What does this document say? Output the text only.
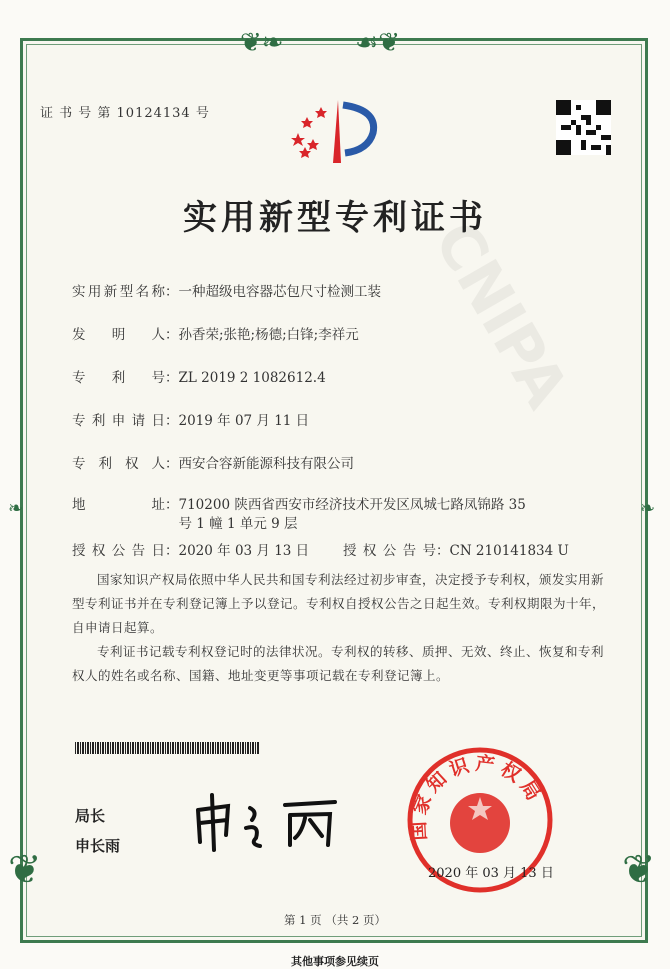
❦❧	☙❦
❦	❦
❧	❧
CNIPA
证 书 号 第 10124134 号
实用新型专利证书
实用新型名称：一种超级电容器芯包尺寸检测工装
发明人：孙香荣;张艳;杨德;白锋;李祥元
专利号：ZL 2019 2 1082612.4
专利申请日：2019 年 07 月 11 日
专利权人：西安合容新能源科技有限公司
地址：710200 陕西省西安市经济技术开发区凤城七路凤锦路 35
号 1 幢 1 单元 9 层
授权公告日：2020 年 03 月 13 日	授权公告号：CN 210141834 U
国家知识产权局依照中华人民共和国专利法经过初步审查，决定授予专利权，颁发实用新型专利证书并在专利登记簿上予以登记。专利权自授权公告之日起生效。专利权期限为十年，自申请日起算。
专利证书记载专利权登记时的法律状况。专利权的转移、质押、无效、终止、恢复和专利权人的姓名或名称、国籍、地址变更等事项记载在专利登记簿上。
局长
申长雨
国家知识产权局
2020 年 03 月 13 日
第 1 页 （共 2 页）
其他事项参见续页
